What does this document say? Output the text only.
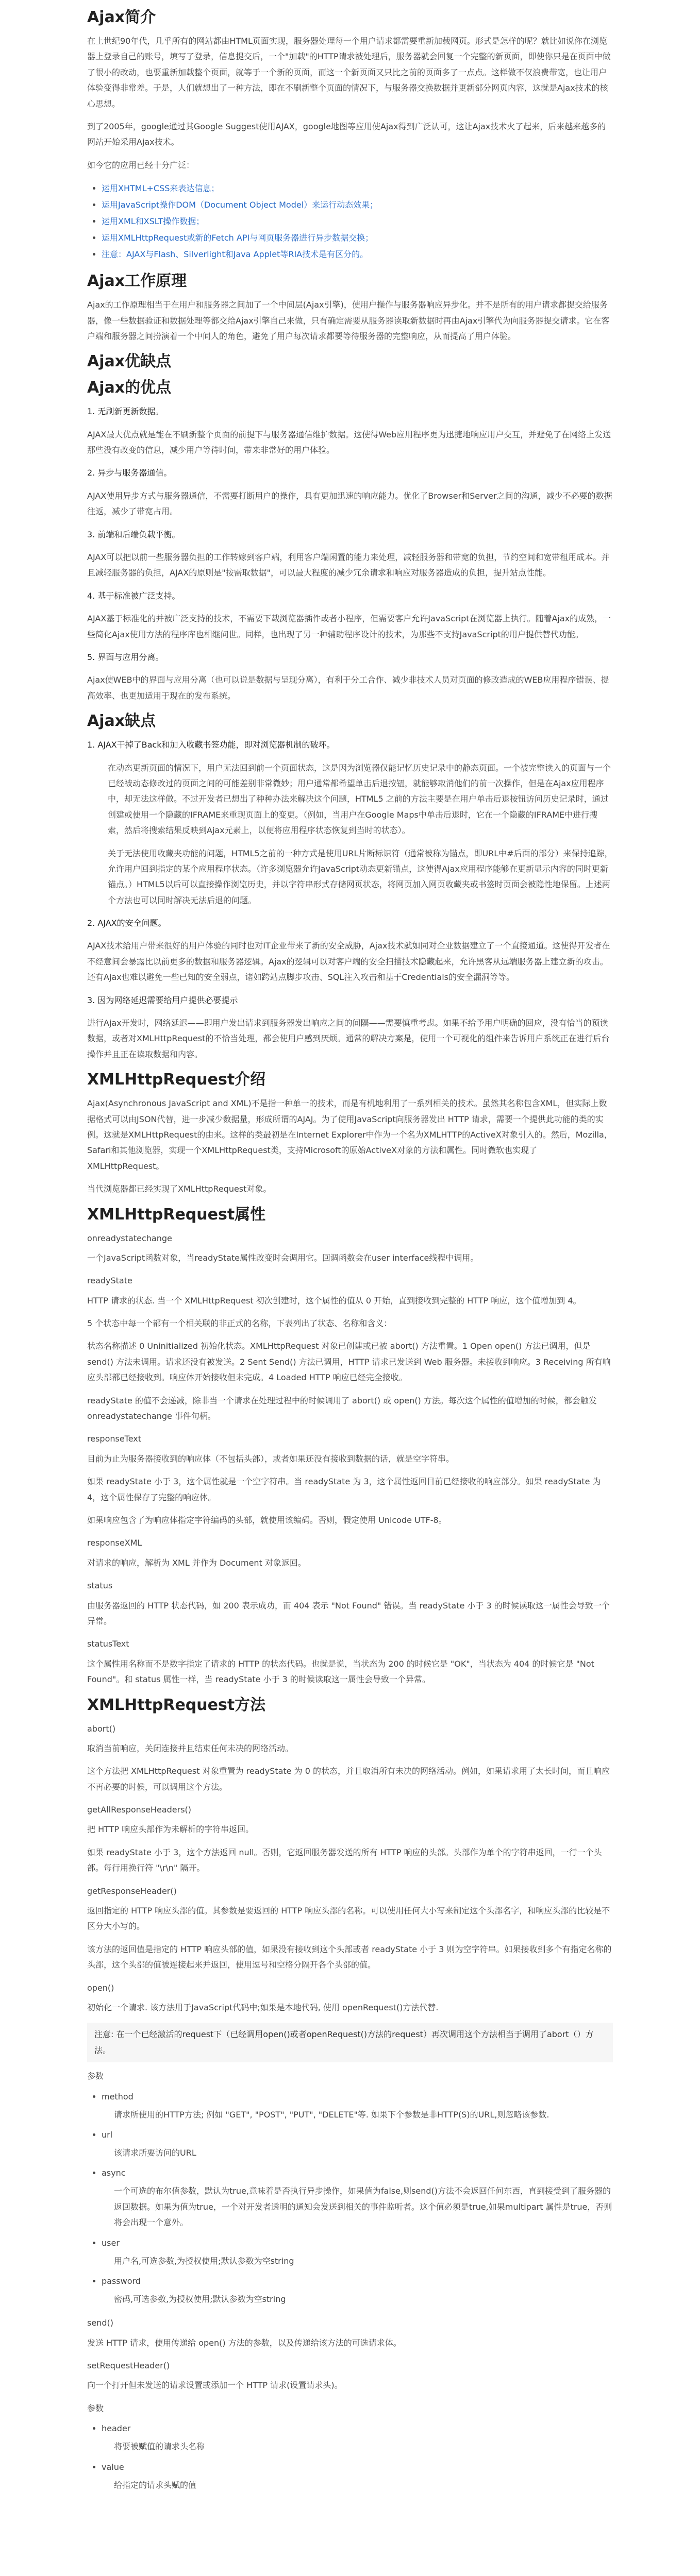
Ajax简介

在上世纪90年代，几乎所有的网站都由HTML页面实现，服务器处理每一个用户请求都需要重新加载网页。形式是怎样的呢？就比如说你在浏览器上登录自己的账号，填写了登录，信息提交后，一个"加载"的HTTP请求被处理后，服务器就会回复一个完整的新页面，即使你只是在页面中做了很小的改动，也要重新加载整个页面，就等于一个新的页面，而这一个新页面又只比之前的页面多了一点点。这样做不仅浪费带宽，也让用户体验变得非常差。于是，人们就想出了一种方法，即在不刷新整个页面的情况下，与服务器交换数据并更新部分网页内容，这就是Ajax技术的核心思想。

到了2005年，google通过其Google Suggest使用AJAX，google地图等应用使Ajax得到广泛认可，这让Ajax技术火了起来，后来越来越多的网站开始采用Ajax技术。

如今它的应用已经十分广泛：

• 运用XHTML+CSS来表达信息；
• 运用JavaScript操作DOM（Document Object Model）来运行动态效果；
• 运用XML和XSLT操作数据；
• 运用XMLHttpRequest或新的Fetch API与网页服务器进行异步数据交换；
• 注意：AJAX与Flash、Silverlight和Java Applet等RIA技术是有区分的。
Ajax工作原理

Ajax的工作原理相当于在用户和服务器之间加了一个中间层(Ajax引擎)，使用户操作与服务器响应异步化。并不是所有的用户请求都提交给服务器，像一些数据验证和数据处理等都交给Ajax引擎自己来做，只有确定需要从服务器读取新数据时再由Ajax引擎代为向服务器提交请求。它在客户端和服务器之间扮演着一个中间人的角色，避免了用户每次请求都要等待服务器的完整响应，从而提高了用户体验。

Ajax优缺点
Ajax的优点

1. 无刷新更新数据。

AJAX最大优点就是能在不刷新整个页面的前提下与服务器通信维护数据。这使得Web应用程序更为迅捷地响应用户交互，并避免了在网络上发送那些没有改变的信息，减少用户等待时间，带来非常好的用户体验。

2. 异步与服务器通信。

AJAX使用异步方式与服务器通信，不需要打断用户的操作，具有更加迅速的响应能力。优化了Browser和Server之间的沟通，减少不必要的数据往返，减少了带宽占用。

3. 前端和后端负载平衡。

AJAX可以把以前一些服务器负担的工作转嫁到客户端，利用客户端闲置的能力来处理，减轻服务器和带宽的负担，节约空间和宽带租用成本。并且减轻服务器的负担，AJAX的原则是"按需取数据"，可以最大程度的减少冗余请求和响应对服务器造成的负担，提升站点性能。

4. 基于标准被广泛支持。

AJAX基于标准化的并被广泛支持的技术，不需要下载浏览器插件或者小程序，但需要客户允许JavaScript在浏览器上执行。随着Ajax的成熟，一些简化Ajax使用方法的程序库也相继问世。同样，也出现了另一种辅助程序设计的技术，为那些不支持JavaScript的用户提供替代功能。

5. 界面与应用分离。

Ajax使WEB中的界面与应用分离（也可以说是数据与呈现分离），有利于分工合作、减少非技术人员对页面的修改造成的WEB应用程序错误、提高效率、也更加适用于现在的发布系统。

Ajax缺点

1. AJAX干掉了Back和加入收藏书签功能，即对浏览器机制的破坏。

在动态更新页面的情况下，用户无法回到前一个页面状态，这是因为浏览器仅能记忆历史记录中的静态页面。一个被完整读入的页面与一个已经被动态修改过的页面之间的可能差别非常微妙；用户通常都希望单击后退按钮，就能够取消他们的前一次操作，但是在Ajax应用程序中，却无法这样做。不过开发者已想出了种种办法来解决这个问题，HTML5 之前的方法主要是在用户单击后退按钮访问历史记录时，通过创建或使用一个隐藏的IFRAME来重现页面上的变更。（例如，当用户在Google Maps中单击后退时，它在一个隐藏的IFRAME中进行搜索，然后将搜索结果反映到Ajax元素上，以便将应用程序状态恢复到当时的状态）。

关于无法使用收藏夹功能的问题，HTML5之前的一种方式是使用URL片断标识符（通常被称为锚点，即URL中#后面的部分）来保持追踪，允许用户回到指定的某个应用程序状态。（许多浏览器允许JavaScript动态更新锚点，这使得Ajax应用程序能够在更新显示内容的同时更新锚点。）HTML5以后可以直接操作浏览历史，并以字符串形式存储网页状态，将网页加入网页收藏夹或书签时页面会被隐性地保留。上述两个方法也可以同时解决无法后退的问题。

2. AJAX的安全问题。

AJAX技术给用户带来很好的用户体验的同时也对IT企业带来了新的安全威胁，Ajax技术就如同对企业数据建立了一个直接通道。这使得开发者在不经意间会暴露比以前更多的数据和服务器逻辑。Ajax的逻辑可以对客户端的安全扫描技术隐藏起来，允许黑客从远端服务器上建立新的攻击。还有Ajax也难以避免一些已知的安全弱点，诸如跨站点脚步攻击、SQL注入攻击和基于Credentials的安全漏洞等等。

3. 因为网络延迟需要给用户提供必要提示

进行Ajax开发时，网络延迟——即用户发出请求到服务器发出响应之间的间隔——需要慎重考虑。如果不给予用户明确的回应，没有恰当的预读数据，或者对XMLHttpRequest的不恰当处理，都会使用户感到厌烦。通常的解决方案是，使用一个可视化的组件来告诉用户系统正在进行后台操作并且正在读取数据和内容。

XMLHttpRequest介绍

Ajax(Asynchronous JavaScript and XML)不是指一种单一的技术，而是有机地利用了一系列相关的技术。虽然其名称包含XML，但实际上数据格式可以由JSON代替，进一步减少数据量，形成所谓的AJAJ。为了使用JavaScript向服务器发出 HTTP 请求，需要一个提供此功能的类的实例。这就是XMLHttpRequest的由来。这样的类最初是在Internet Explorer中作为一个名为XMLHTTP的ActiveX对象引入的。然后，Mozilla，Safari和其他浏览器，实现一个XMLHttpRequest类，支持Microsoft的原始ActiveX对象的方法和属性。同时微软也实现了XMLHttpRequest。

当代浏览器都已经实现了XMLHttpRequest对象。

XMLHttpRequest属性

onreadystatechange

一个JavaScript函数对象，当readyState属性改变时会调用它。回调函数会在user interface线程中调用。

readyState

HTTP 请求的状态. 当一个 XMLHttpRequest 初次创建时，这个属性的值从 0 开始，直到接收到完整的 HTTP 响应，这个值增加到 4。

5 个状态中每一个都有一个相关联的非正式的名称，下表列出了状态、名称和含义：

状态名称描述 0 Uninitialized 初始化状态。XMLHttpRequest 对象已创建或已被 abort() 方法重置。1 Open open() 方法已调用，但是 send() 方法未调用。请求还没有被发送。2 Sent Send() 方法已调用，HTTP 请求已发送到 Web 服务器。未接收到响应。3 Receiving 所有响应头部都已经接收到。响应体开始接收但未完成。4 Loaded HTTP 响应已经完全接收。

readyState 的值不会递减，除非当一个请求在处理过程中的时候调用了 abort() 或 open() 方法。每次这个属性的值增加的时候，都会触发 onreadystatechange 事件句柄。

responseText

目前为止为服务器接收到的响应体（不包括头部），或者如果还没有接收到数据的话，就是空字符串。

如果 readyState 小于 3，这个属性就是一个空字符串。当 readyState 为 3，这个属性返回目前已经接收的响应部分。如果 readyState 为 4，这个属性保存了完整的响应体。

如果响应包含了为响应体指定字符编码的头部，就使用该编码。否则，假定使用 Unicode UTF-8。

responseXML

对请求的响应，解析为 XML 并作为 Document 对象返回。

status

由服务器返回的 HTTP 状态代码，如 200 表示成功，而 404 表示 "Not Found" 错误。当 readyState 小于 3 的时候读取这一属性会导致一个异常。

statusText

这个属性用名称而不是数字指定了请求的 HTTP 的状态代码。也就是说，当状态为 200 的时候它是 "OK"，当状态为 404 的时候它是 "Not Found"。和 status 属性一样，当 readyState 小于 3 的时候读取这一属性会导致一个异常。

XMLHttpRequest方法

abort()

取消当前响应，关闭连接并且结束任何未决的网络活动。

这个方法把 XMLHttpRequest 对象重置为 readyState 为 0 的状态，并且取消所有未决的网络活动。例如，如果请求用了太长时间，而且响应不再必要的时候，可以调用这个方法。

getAllResponseHeaders()

把 HTTP 响应头部作为未解析的字符串返回。

如果 readyState 小于 3，这个方法返回 null。否则，它返回服务器发送的所有 HTTP 响应的头部。头部作为单个的字符串返回，一行一个头部。每行用换行符 "\r\n" 隔开。

getResponseHeader()

返回指定的 HTTP 响应头部的值。其参数是要返回的 HTTP 响应头部的名称。可以使用任何大小写来制定这个头部名字，和响应头部的比较是不区分大小写的。

该方法的返回值是指定的 HTTP 响应头部的值，如果没有接收到这个头部或者 readyState 小于 3 则为空字符串。如果接收到多个有指定名称的头部，这个头部的值被连接起来并返回，使用逗号和空格分隔开各个头部的值。

open()

初始化一个请求. 该方法用于JavaScript代码中;如果是本地代码, 使用 openRequest()方法代替.

注意: 在一个已经激活的request下（已经调用open()或者openRequest()方法的request）再次调用这个方法相当于调用了abort（）方法。

参数

• method
请求所使用的HTTP方法; 例如 "GET", "POST", "PUT", "DELETE"等. 如果下个参数是非HTTP(S)的URL,则忽略该参数.
• url
该请求所要访问的URL
• async
一个可选的布尔值参数，默认为true,意味着是否执行异步操作，如果值为false,则send()方法不会返回任何东西，直到接受到了服务器的返回数据。如果为值为true，一个对开发者透明的通知会发送到相关的事件监听者。这个值必须是true,如果multipart 属性是true，否则将会出现一个意外。
• user
用户名,可选参数,为授权使用;默认参数为空string
• password
密码,可选参数,为授权使用;默认参数为空string

send()

发送 HTTP 请求，使用传递给 open() 方法的参数，以及传递给该方法的可选请求体。

setRequestHeader()

向一个打开但未发送的请求设置或添加一个 HTTP 请求(设置请求头)。

参数

• header
将要被赋值的请求头名称
• value
给指定的请求头赋的值
